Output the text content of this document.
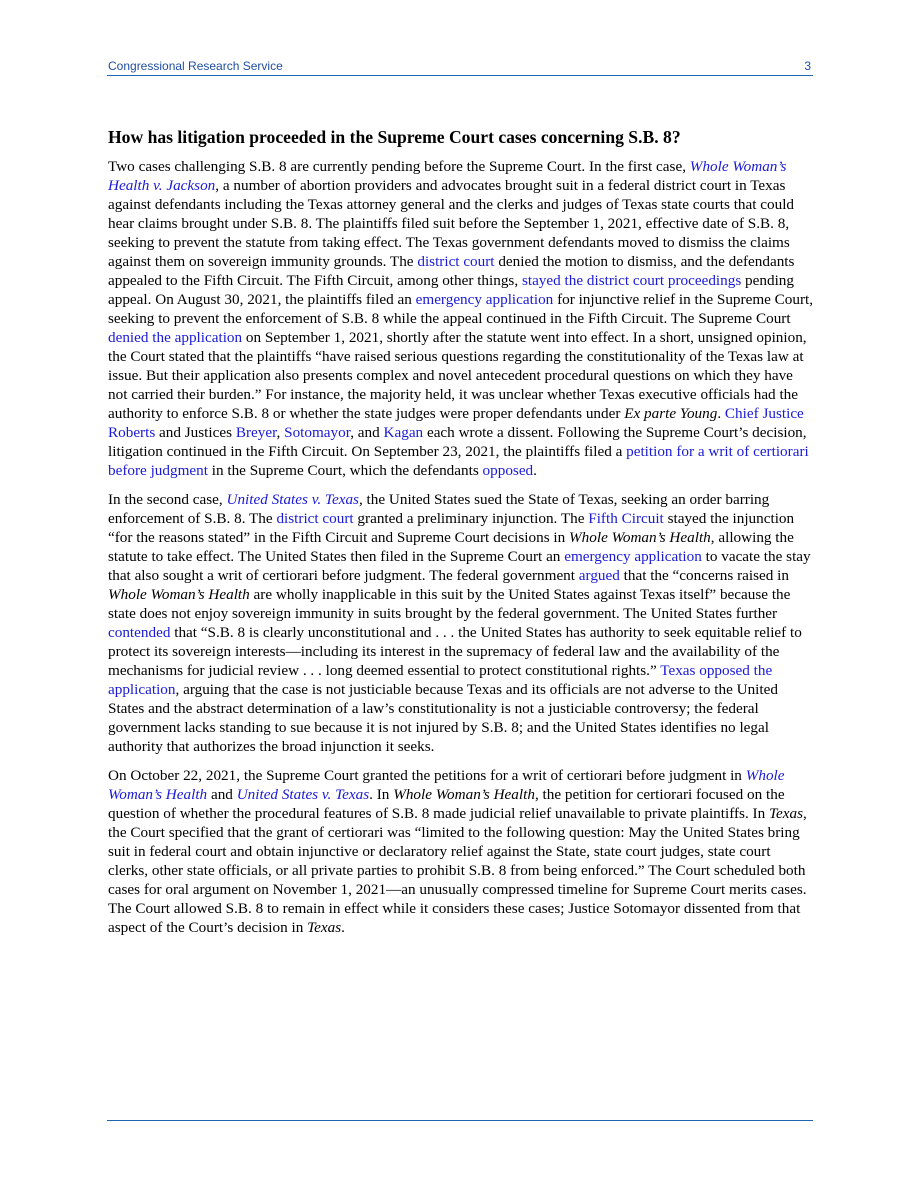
Congressional Research Service	3
How has litigation proceeded in the Supreme Court cases concerning S.B. 8?

Two cases challenging S.B. 8 are currently pending before the Supreme Court. In the first case, Whole Woman’s Health v. Jackson, a number of abortion providers and advocates brought suit in a federal district court in Texas against defendants including the Texas attorney general and the clerks and judges of Texas state courts that could hear claims brought under S.B. 8. The plaintiffs filed suit before the September 1, 2021, effective date of S.B. 8, seeking to prevent the statute from taking effect. The Texas government defendants moved to dismiss the claims against them on sovereign immunity grounds. The district court denied the motion to dismiss, and the defendants appealed to the Fifth Circuit. The Fifth Circuit, among other things, stayed the district court proceedings pending appeal. On August 30, 2021, the plaintiffs filed an emergency application for injunctive relief in the Supreme Court, seeking to prevent the enforcement of S.B. 8 while the appeal continued in the Fifth Circuit. The Supreme Court denied the application on September 1, 2021, shortly after the statute went into effect. In a short, unsigned opinion, the Court stated that the plaintiffs “have raised serious questions regarding the constitutionality of the Texas law at issue. But their application also presents complex and novel antecedent procedural questions on which they have not carried their burden.” For instance, the majority held, it was unclear whether Texas executive officials had the authority to enforce S.B. 8 or whether the state judges were proper defendants under Ex parte Young. Chief Justice Roberts and Justices Breyer, Sotomayor, and Kagan each wrote a dissent. Following the Supreme Court’s decision, litigation continued in the Fifth Circuit. On September 23, 2021, the plaintiffs filed a petition for a writ of certiorari before judgment in the Supreme Court, which the defendants opposed.

In the second case, United States v. Texas, the United States sued the State of Texas, seeking an order barring enforcement of S.B. 8. The district court granted a preliminary injunction. The Fifth Circuit stayed the injunction “for the reasons stated” in the Fifth Circuit and Supreme Court decisions in Whole Woman’s Health, allowing the statute to take effect. The United States then filed in the Supreme Court an emergency application to vacate the stay that also sought a writ of certiorari before judgment. The federal government argued that the “concerns raised in Whole Woman’s Health are wholly inapplicable in this suit by the United States against Texas itself” because the state does not enjoy sovereign immunity in suits brought by the federal government. The United States further contended that “S.B. 8 is clearly unconstitutional and . . . the United States has authority to seek equitable relief to protect its sovereign interests—including its interest in the supremacy of federal law and the availability of the mechanisms for judicial review . . . long deemed essential to protect constitutional rights.” Texas opposed the application, arguing that the case is not justiciable because Texas and its officials are not adverse to the United States and the abstract determination of a law’s constitutionality is not a justiciable controversy; the federal government lacks standing to sue because it is not injured by S.B. 8; and the United States identifies no legal authority that authorizes the broad injunction it seeks.

On October 22, 2021, the Supreme Court granted the petitions for a writ of certiorari before judgment in Whole Woman’s Health and United States v. Texas. In Whole Woman’s Health, the petition for certiorari focused on the question of whether the procedural features of S.B. 8 made judicial relief unavailable to private plaintiffs. In Texas, the Court specified that the grant of certiorari was “limited to the following question: May the United States bring suit in federal court and obtain injunctive or declaratory relief against the State, state court judges, state court clerks, other state officials, or all private parties to prohibit S.B. 8 from being enforced.” The Court scheduled both cases for oral argument on November 1, 2021—an unusually compressed timeline for Supreme Court merits cases. The Court allowed S.B. 8 to remain in effect while it considers these cases; Justice Sotomayor dissented from that aspect of the Court’s decision in Texas.
